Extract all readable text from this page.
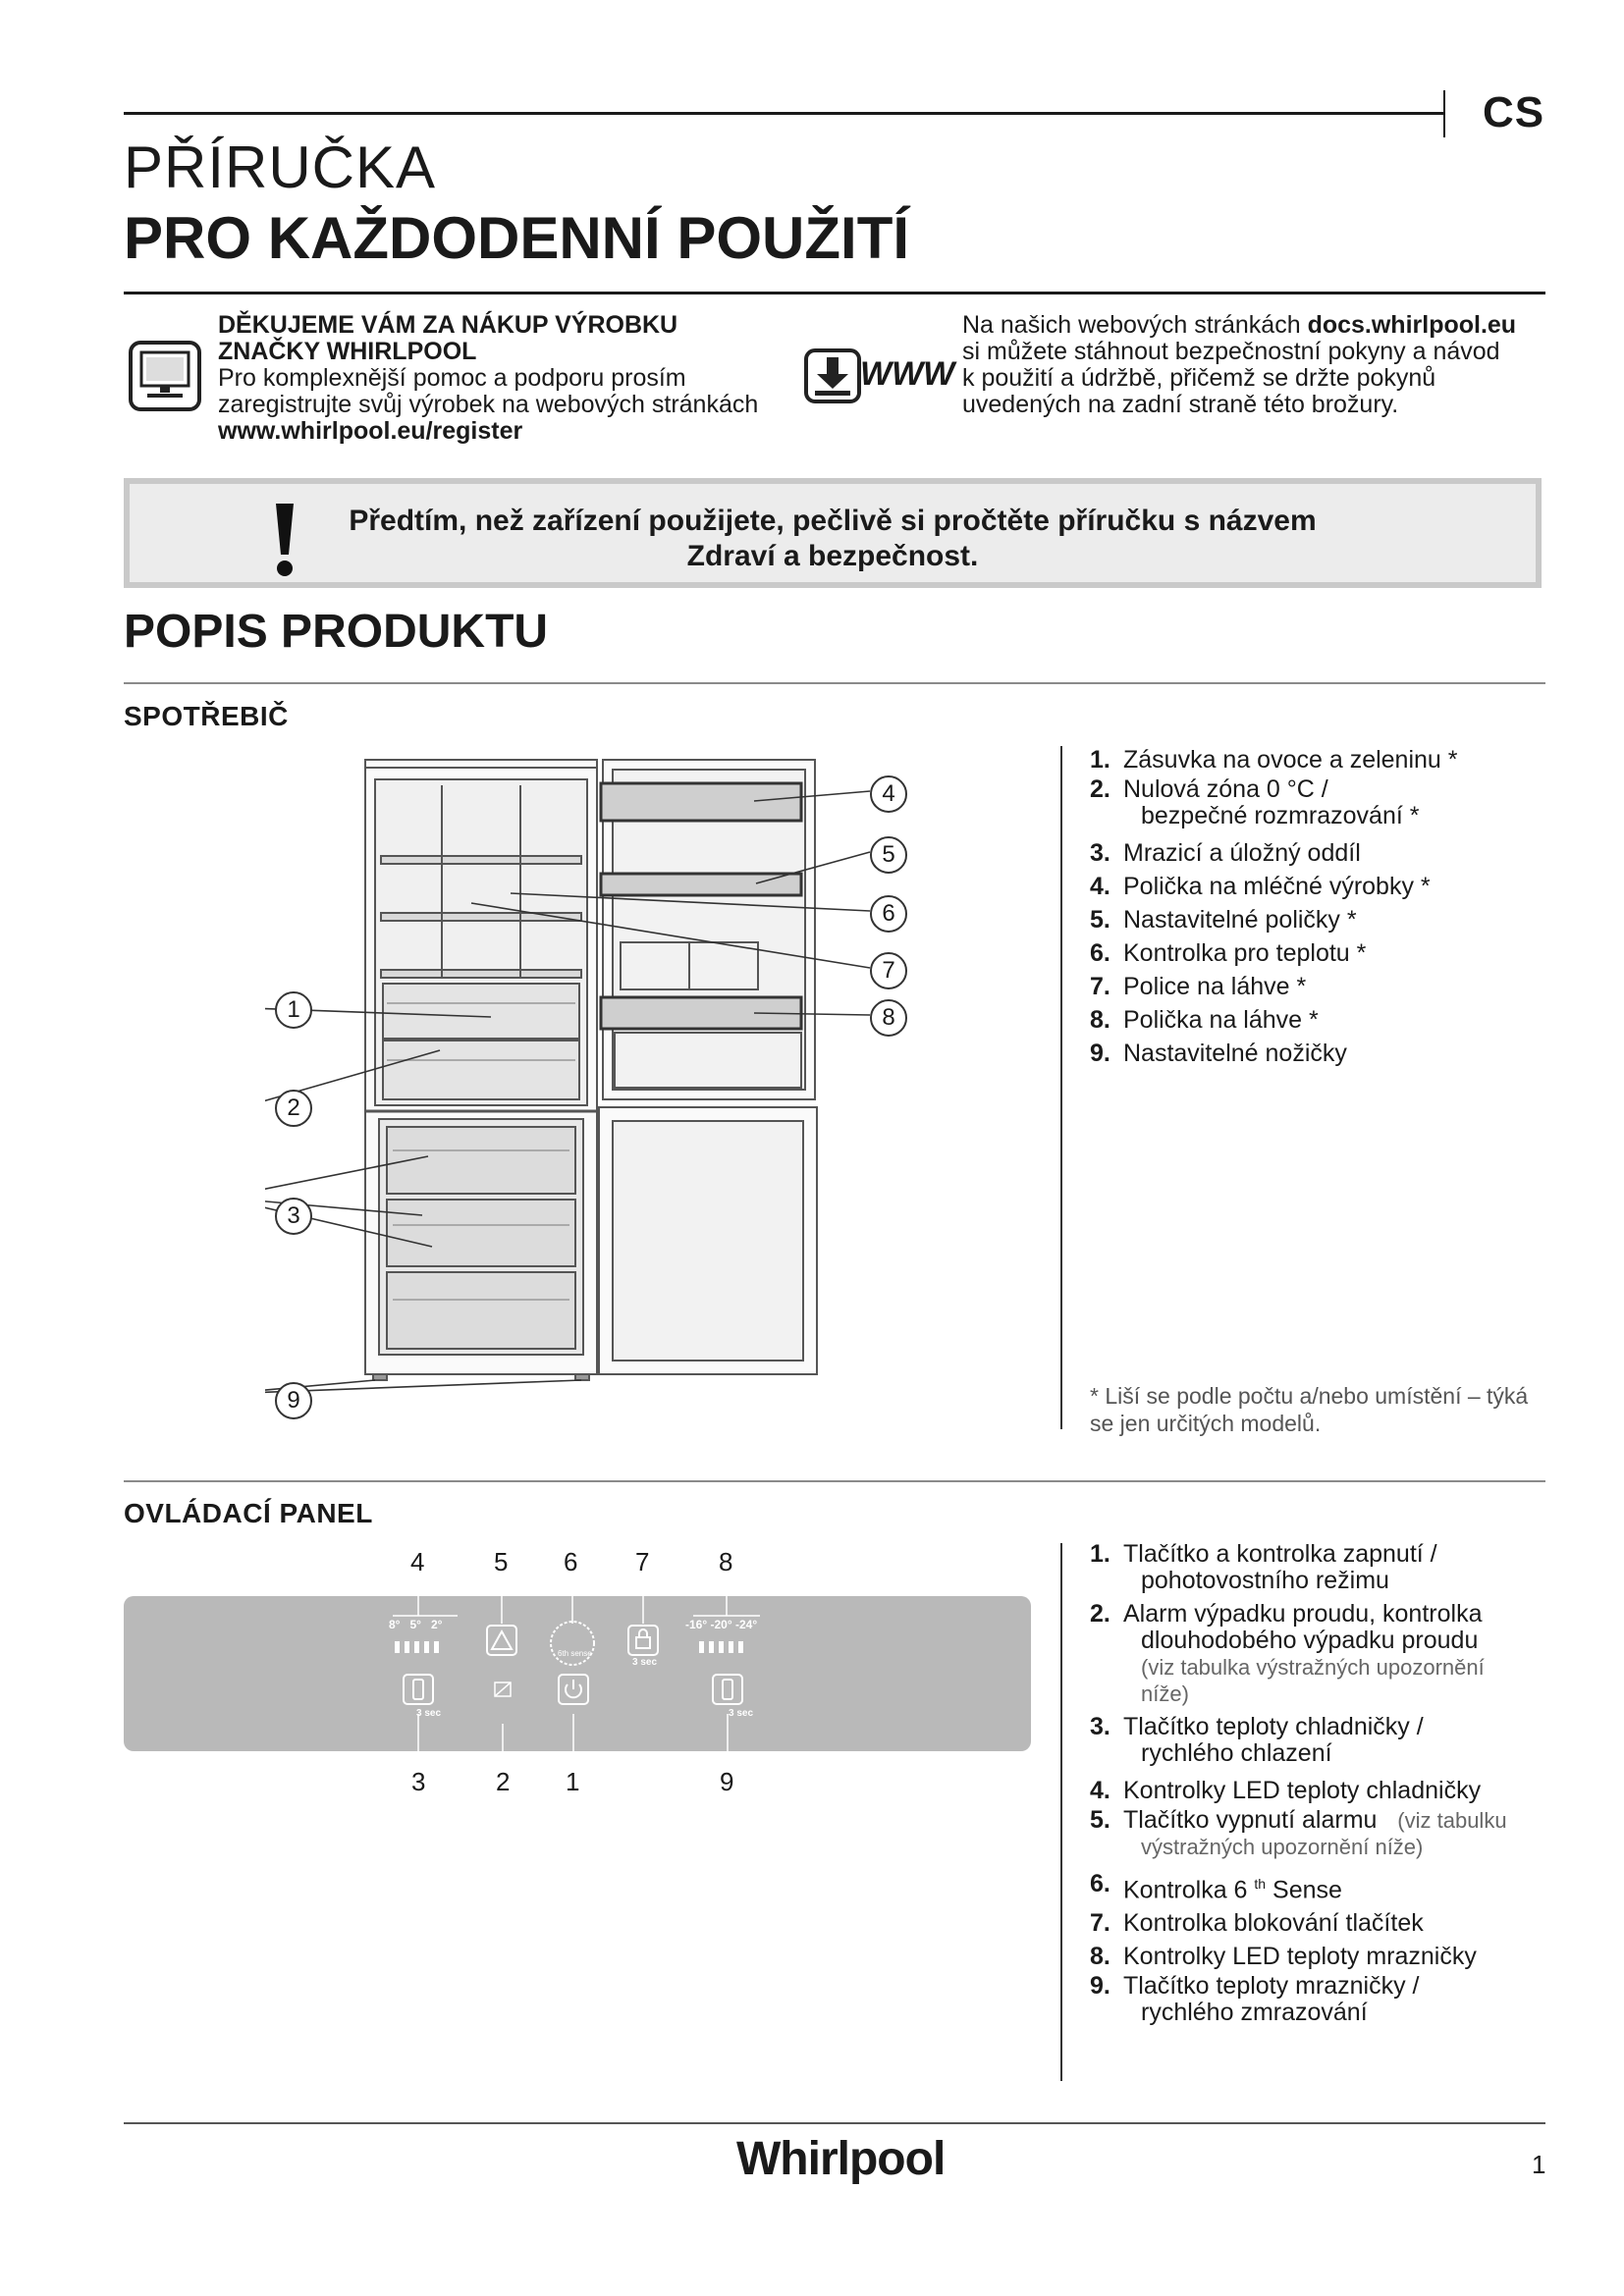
CS
PŘÍRUČKA
PRO KAŽDODENNÍ POUŽITÍ
DĚKUJEME VÁM ZA NÁKUP VÝROBKU
ZNAČKY WHIRLPOOL
Pro komplexnější pomoc a podporu prosím
zaregistrujte svůj výrobek na webových stránkách
www.whirlpool.eu/register
WWW
Na našich webových stránkách docs.whirlpool.eu
si můžete stáhnout bezpečnostní pokyny a návod
k použití a údržbě, přičemž se držte pokynů
uvedených na zadní straně této brožury.
Předtím, než zařízení použijete, pečlivě si pročtěte příručku s názvem
Zdraví a bezpečnost.
POPIS PRODUKTU
SPOTŘEBIČ
1
2
3
4
5
6
7
8
9
1. Zásuvka na ovoce a zeleninu *
2. Nulová zóna 0 °C /
bezpečné rozmrazování *
3. Mrazicí a úložný oddíl
4. Polička na mléčné výrobky *
5. Nastavitelné poličky *
6. Kontrolka pro teplotu *
7. Police na láhve *
8. Polička na láhve *
9. Nastavitelné nožičky
* Liší se podle počtu a/nebo umístění – týká se jen určitých modelů.
OVLÁDACÍ PANEL
4	5 6 7	8
8° 5° 2°	-16° -20° -24°
6th sense
3 sec
3 sec	3 sec
3	2 1	9
1. Tlačítko a kontrolka zapnutí /
pohotovostního režimu
2. Alarm výpadku proudu, kontrolka
dlouhodobého výpadku proudu
(viz tabulka výstražných upozornění
níže)
3. Tlačítko teploty chladničky /
rychlého chlazení
4. Kontrolky LED teploty chladničky
5. Tlačítko vypnutí alarmu (viz tabulku
výstražných upozornění níže)
6. Kontrolka 6 $^{th}$ Sense
7. Kontrolka blokování tlačítek
8. Kontrolky LED teploty mrazničky
9. Tlačítko teploty mrazničky /
rychlého zmrazování
Whirlpool	1
